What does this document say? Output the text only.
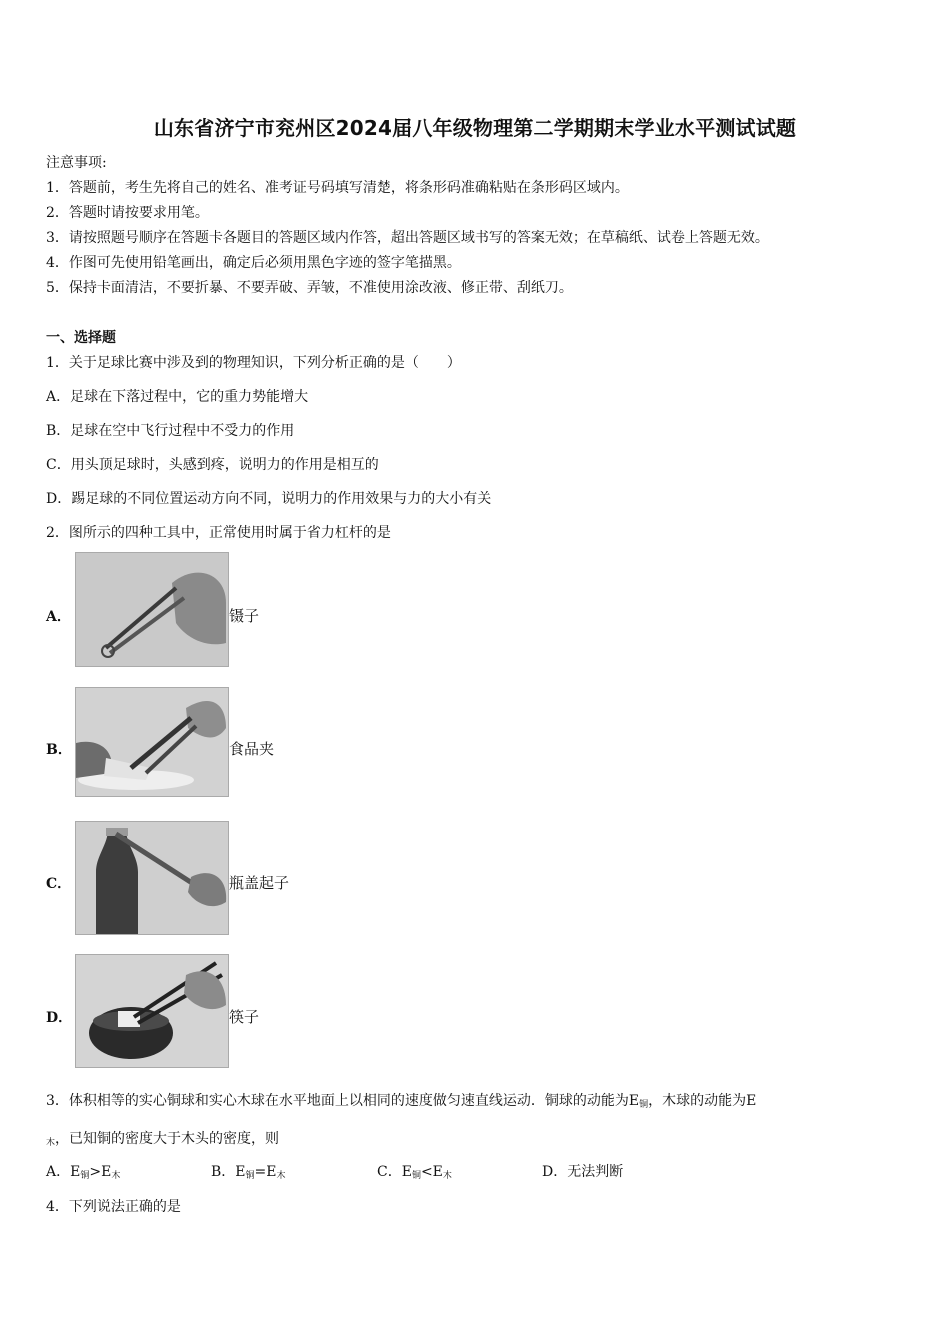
山东省济宁市兖州区2024届八年级物理第二学期期末学业水平测试试题
注意事项:
1．答题前，考生先将自己的姓名、准考证号码填写清楚，将条形码准确粘贴在条形码区域内。
2．答题时请按要求用笔。
3．请按照题号顺序在答题卡各题目的答题区域内作答，超出答题区域书写的答案无效；在草稿纸、试卷上答题无效。
4．作图可先使用铅笔画出，确定后必须用黑色字迹的签字笔描黑。
5．保持卡面清洁，不要折暴、不要弄破、弄皱，不准使用涂改液、修正带、刮纸刀。
一、选择题
1．关于足球比赛中涉及到的物理知识，下列分析正确的是（　　）
A．足球在下落过程中，它的重力势能增大
B．足球在空中飞行过程中不受力的作用
C．用头顶足球时，头感到疼，说明力的作用是相互的
D．踢足球的不同位置运动方向不同，说明力的作用效果与力的大小有关
2．图所示的四种工具中，正常使用时属于省力杠杆的是
A．	镊子
B．	食品夹
C．	瓶盖起子
D．	筷子
3．体积相等的实心铜球和实心木球在水平地面上以相同的速度做匀速直线运动．铜球的动能为$E_铜$，木球的动能为E
$_木$，已知铜的密度大于木头的密度，则
A．$E_铜>E_木$	B．$E_铜=E_木$	C．$E_铜<E_木$	D．无法判断
4．下列说法正确的是
